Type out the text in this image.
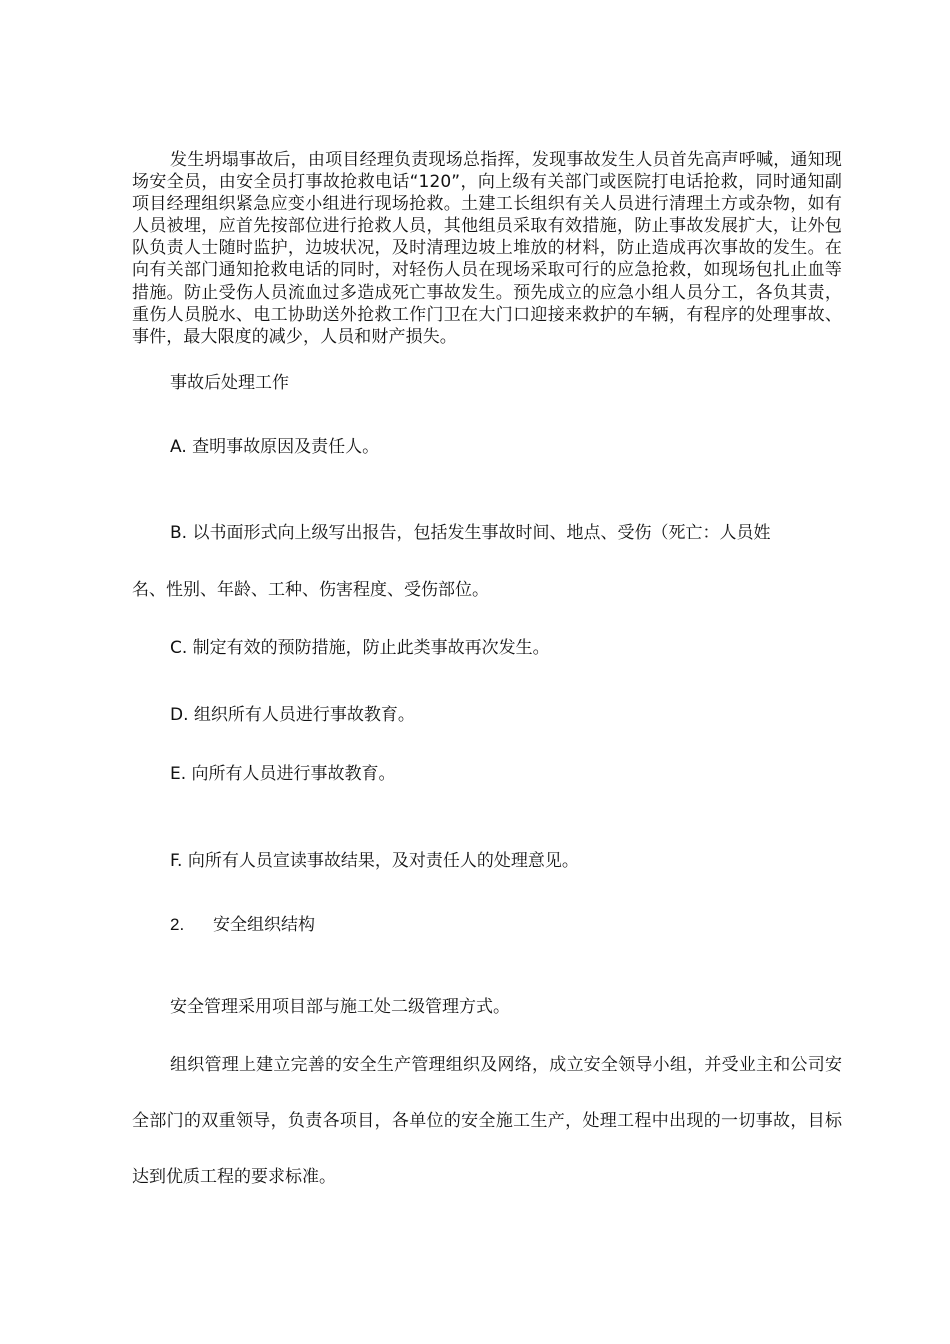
发生坍塌事故后，由项目经理负责现场总指挥，发现事故发生人员首先高声呼喊，通知现场安全员，由安全员打事故抢救电话“120”，向上级有关部门或医院打电话抢救，同时通知副项目经理组织紧急应变小组进行现场抢救。土建工长组织有关人员进行清理土方或杂物，如有人员被埋，应首先按部位进行抢救人员，其他组员采取有效措施，防止事故发展扩大，让外包队负责人士随时监护，边坡状况，及时清理边坡上堆放的材料，防止造成再次事故的发生。在向有关部门通知抢救电话的同时，对轻伤人员在现场采取可行的应急抢救，如现场包扎止血等措施。防止受伤人员流血过多造成死亡事故发生。预先成立的应急小组人员分工，各负其责，重伤人员脱水、电工协助送外抢救工作门卫在大门口迎接来救护的车辆，有程序的处理事故、事件，最大限度的减少，人员和财产损失。

事故后处理工作

A. 查明事故原因及责任人。

B. 以书面形式向上级写出报告，包括发生事故时间、地点、受伤（死亡：人员姓

名、性别、年龄、工种、伤害程度、受伤部位。

C. 制定有效的预防措施，防止此类事故再次发生。

D. 组织所有人员进行事故教育。

E. 向所有人员进行事故教育。

F. 向所有人员宣读事故结果，及对责任人的处理意见。

2. 安全组织结构

安全管理采用项目部与施工处二级管理方式。

组织管理上建立完善的安全生产管理组织及网络，成立安全领导小组，并受业主和公司安全部门的双重领导，负责各项目，各单位的安全施工生产，处理工程中出现的一切事故，目标达到优质工程的要求标准。
